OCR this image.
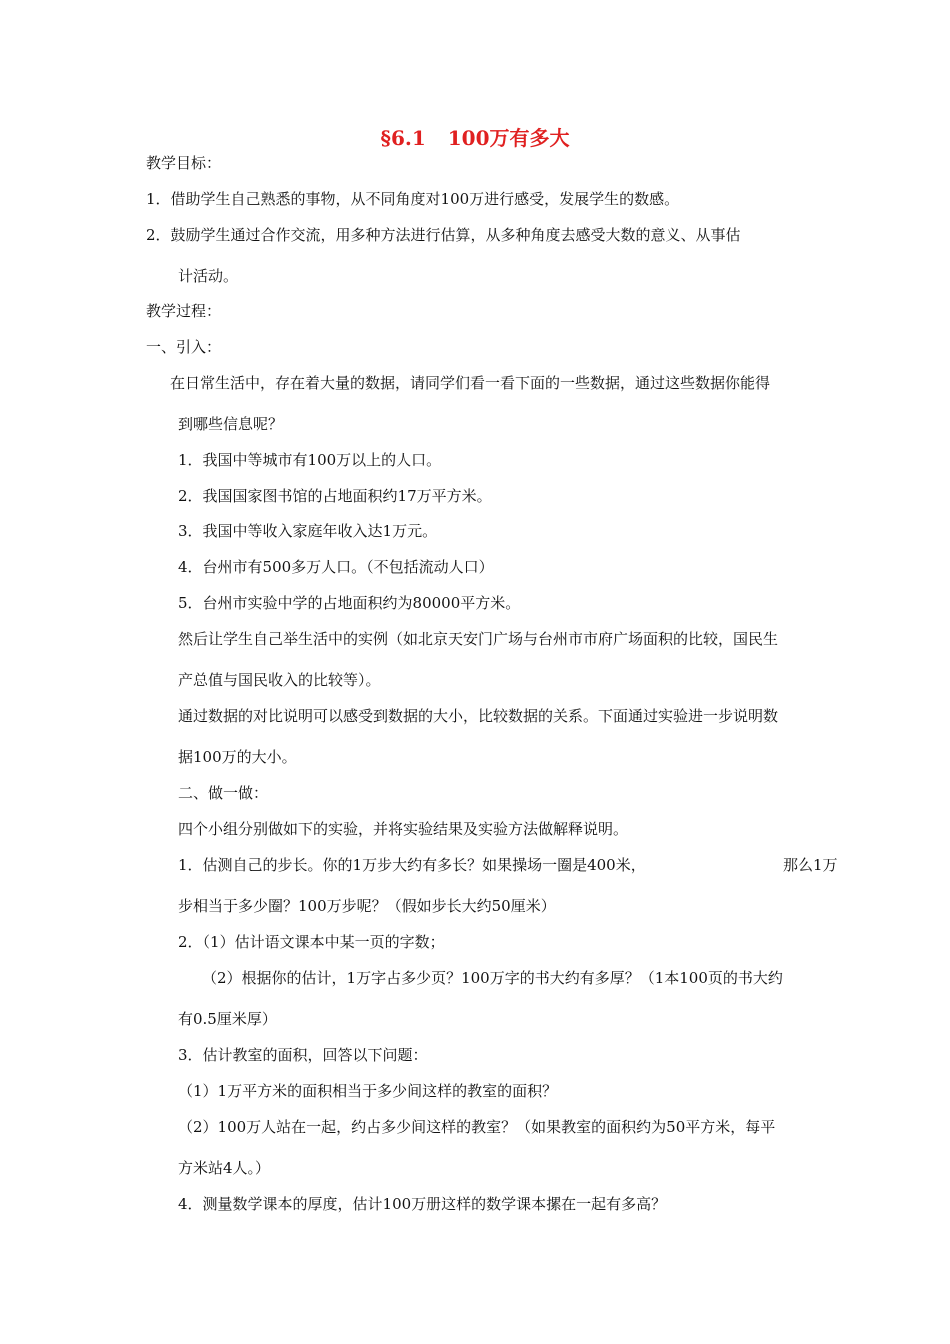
§6.1 100万有多大
教学目标：
1．借助学生自己熟悉的事物，从不同角度对100万进行感受，发展学生的数感。
2．鼓励学生通过合作交流，用多种方法进行估算，从多种角度去感受大数的意义、从事估
计活动。
教学过程：
一、引入：
在日常生活中，存在着大量的数据，请同学们看一看下面的一些数据，通过这些数据你能得
到哪些信息呢？
1．我国中等城市有100万以上的人口。
2．我国国家图书馆的占地面积约17万平方米。
3．我国中等收入家庭年收入达1万元。
4．台州市有500多万人口。（不包括流动人口）
5．台州市实验中学的占地面积约为80000平方米。
然后让学生自己举生活中的实例（如北京天安门广场与台州市市府广场面积的比较，国民生
产总值与国民收入的比较等）。
通过数据的对比说明可以感受到数据的大小，比较数据的关系。下面通过实验进一步说明数
据100万的大小。
二、做一做：
四个小组分别做如下的实验，并将实验结果及实验方法做解释说明。
1．估测自己的步长。你的1万步大约有多长？如果操场一圈是400米，	那么1万
步相当于多少圈？100万步呢？（假如步长大约50厘米）
2．（1）估计语文课本中某一页的字数；
（2）根据你的估计，1万字占多少页？100万字的书大约有多厚？（1本100页的书大约
有0.5厘米厚）
3．估计教室的面积，回答以下问题：
（1）1万平方米的面积相当于多少间这样的教室的面积？
（2）100万人站在一起，约占多少间这样的教室？（如果教室的面积约为50平方米，每平
方米站4人。）
4．测量数学课本的厚度，估计100万册这样的数学课本摞在一起有多高？
